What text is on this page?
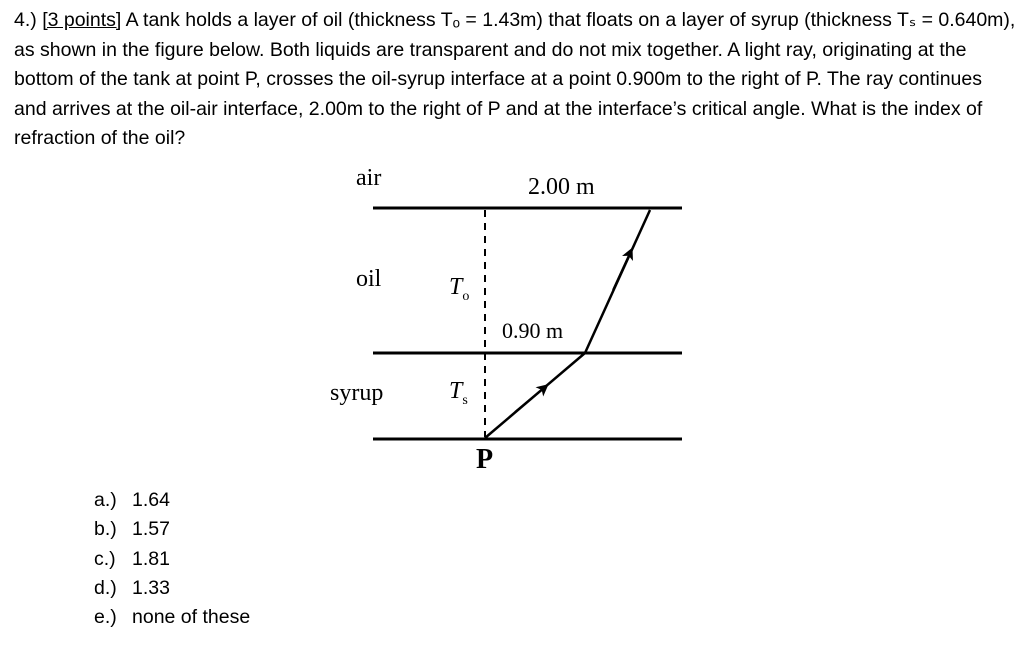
4.) [3 points] A tank holds a layer of oil (thickness Tₒ = 1.43m) that floats on a layer of syrup (thickness Tₛ = 0.640m), as shown in the figure below. Both liquids are transparent and do not mix together. A light ray, originating at the bottom of the tank at point P, crosses the oil-syrup interface at a point 0.900m to the right of P. The ray continues and arrives at the oil-air interface, 2.00m to the right of P and at the interface’s critical angle. What is the index of refraction of the oil?
air	2.00 m
oil	$T_o$
0.90 m
syrup	$T_s$
P
a.) 1.64
b.) 1.57
c.) 1.81
d.) 1.33
e.) none of these
